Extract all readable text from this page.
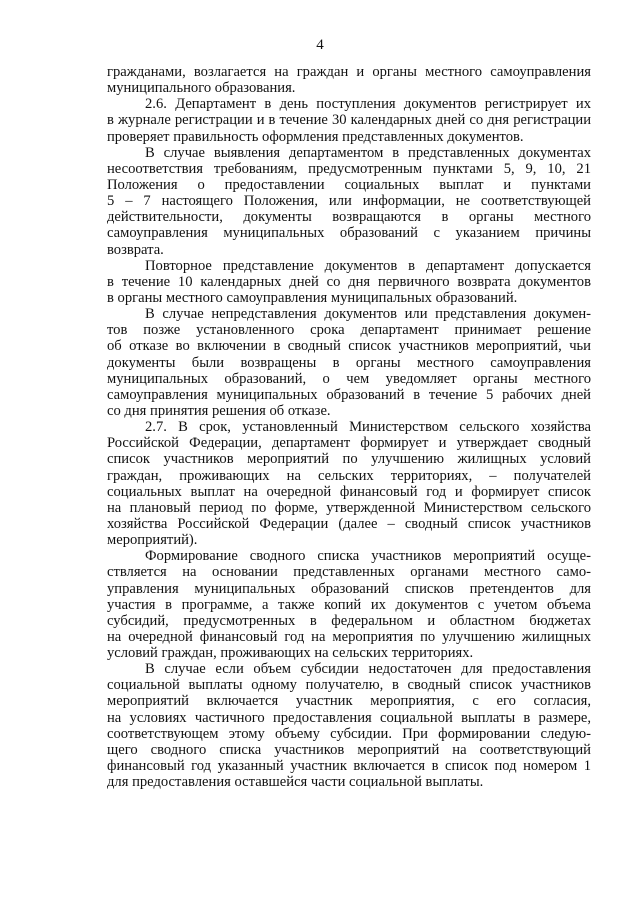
4
гражданами, возлагается на граждан и органы местного самоуправления
муниципального образования.
2.6. Департамент в день поступления документов регистрирует их
в журнале регистрации и в течение 30 календарных дней со дня регистрации
проверяет правильность оформления представленных документов.
В случае выявления департаментом в представленных документах
несоответствия требованиям, предусмотренным пунктами 5, 9, 10, 21
Положения о предоставлении социальных выплат и пунктами
5 – 7 настоящего Положения, или информации, не соответствующей
действительности, документы возвращаются в органы местного
самоуправления муниципальных образований с указанием причины
возврата.
Повторное представление документов в департамент допускается
в течение 10 календарных дней со дня первичного возврата документов
в органы местного самоуправления муниципальных образований.
В случае непредставления документов или представления докумен-
тов позже установленного срока департамент принимает решение
об отказе во включении в сводный список участников мероприятий, чьи
документы были возвращены в органы местного самоуправления
муниципальных образований, о чем уведомляет органы местного
самоуправления муниципальных образований в течение 5 рабочих дней
со дня принятия решения об отказе.
2.7. В срок, установленный Министерством сельского хозяйства
Российской Федерации, департамент формирует и утверждает сводный
список участников мероприятий по улучшению жилищных условий
граждан, проживающих на сельских территориях, – получателей
социальных выплат на очередной финансовый год и формирует список
на плановый период по форме, утвержденной Министерством сельского
хозяйства Российской Федерации (далее – сводный список участников
мероприятий).
Формирование сводного списка участников мероприятий осуще-
ствляется на основании представленных органами местного само-
управления муниципальных образований списков претендентов для
участия в программе, а также копий их документов с учетом объема
субсидий, предусмотренных в федеральном и областном бюджетах
на очередной финансовый год на мероприятия по улучшению жилищных
условий граждан, проживающих на сельских территориях.
В случае если объем субсидии недостаточен для предоставления
социальной выплаты одному получателю, в сводный список участников
мероприятий включается участник мероприятия, с его согласия,
на условиях частичного предоставления социальной выплаты в размере,
соответствующем этому объему субсидии. При формировании следую-
щего сводного списка участников мероприятий на соответствующий
финансовый год указанный участник включается в список под номером 1
для предоставления оставшейся части социальной выплаты.
